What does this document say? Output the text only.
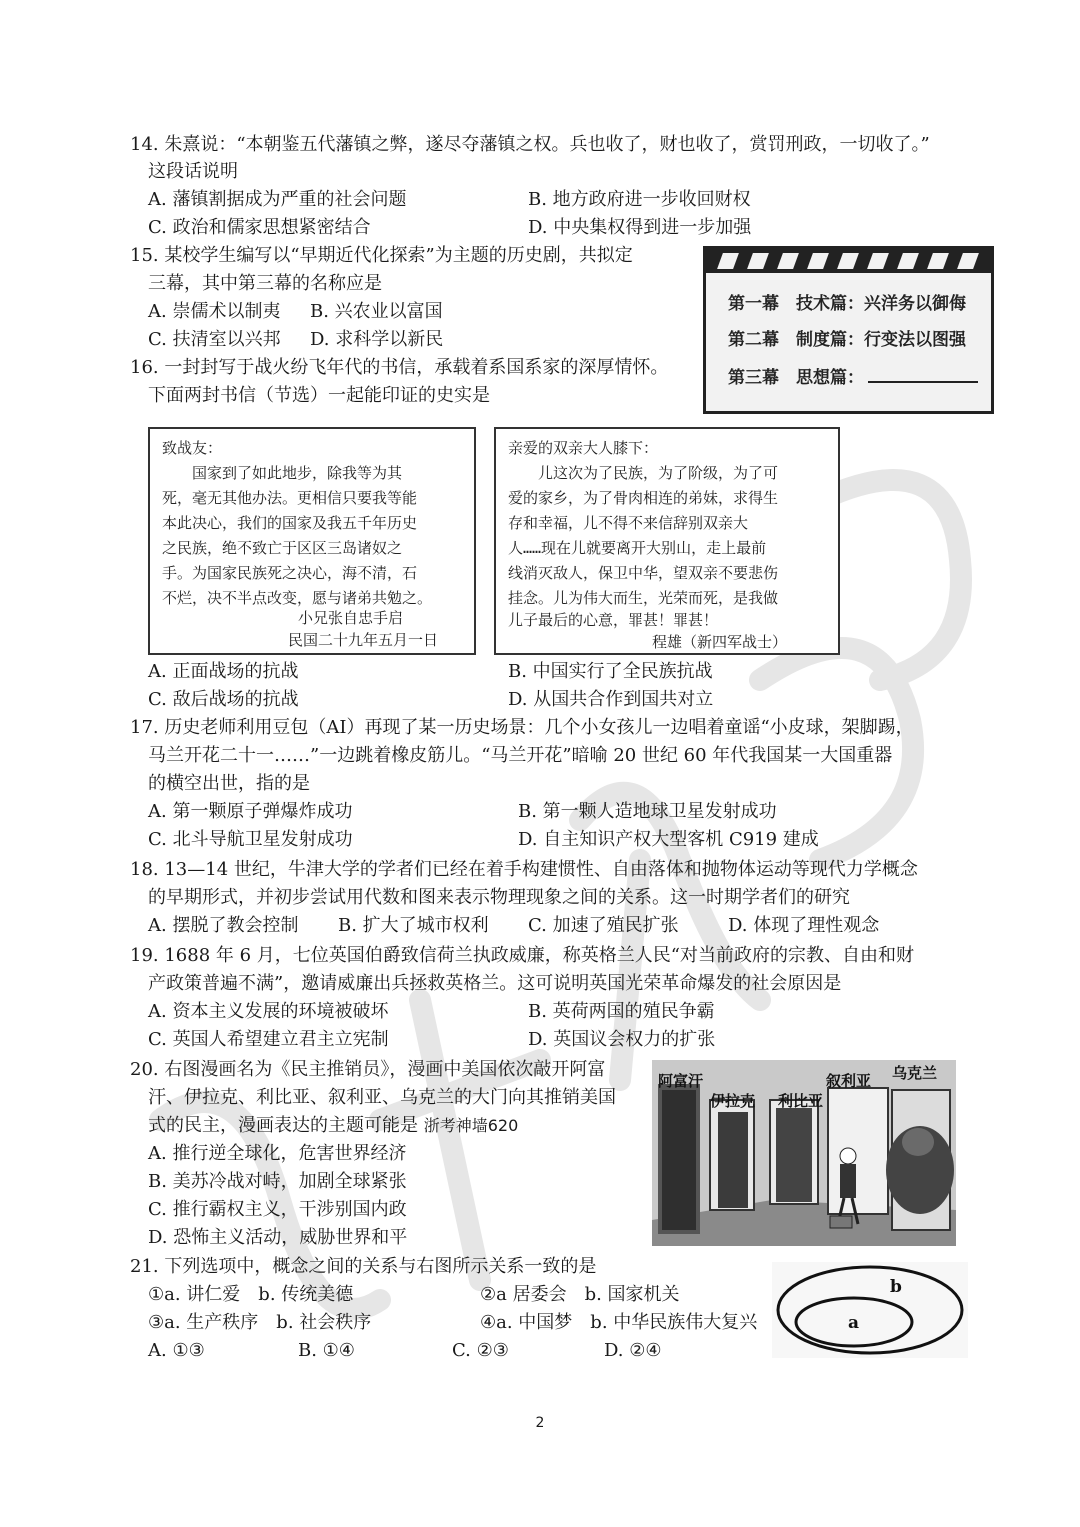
14. 朱熹说：“本朝鉴五代藩镇之弊，遂尽夺藩镇之权。兵也收了，财也收了，赏罚刑政，一切收了。”
这段话说明
A. 藩镇割据成为严重的社会问题	B. 地方政府进一步收回财权
C. 政治和儒家思想紧密结合	D. 中央集权得到进一步加强
15. 某校学生编写以“早期近代化探索”为主题的历史剧，共拟定
三幕，其中第三幕的名称应是
A. 崇儒术以制夷 B. 兴农业以富国
C. 扶清室以兴邦 D. 求科学以新民
第一幕　技术篇：兴洋务以御侮
第二幕　制度篇：行变法以图强
第三幕　思想篇：
16. 一封封写于战火纷飞年代的书信，承载着系国系家的深厚情怀。
下面两封书信（节选）一起能印证的史实是
致战友：
　　国家到了如此地步，除我等为其
死，毫无其他办法。更相信只要我等能
本此决心，我们的国家及我五千年历史
之民族，绝不致亡于区区三岛诸奴之
手。为国家民族死之决心，海不清，石
不烂，决不半点改变，愿与诸弟共勉之。
小兄张自忠手启
民国二十九年五月一日
亲爱的双亲大人膝下：
　　儿这次为了民族，为了阶级，为了可
爱的家乡，为了骨肉相连的弟妹，求得生
存和幸福，儿不得不来信辞别双亲大
人……现在儿就要离开大别山，走上最前
线消灭敌人，保卫中华，望双亲不要悲伤
挂念。儿为伟大而生，光荣而死，是我做
儿子最后的心意，罪甚！罪甚！
程雄（新四军战士）
A. 正面战场的抗战	B. 中国实行了全民族抗战
C. 敌后战场的抗战	D. 从国共合作到国共对立
17. 历史老师利用豆包（AI）再现了某一历史场景：几个小女孩儿一边唱着童谣“小皮球，架脚踢，
马兰开花二十一……”一边跳着橡皮筋儿。“马兰开花”暗喻 20 世纪 60 年代我国某一大国重器
的横空出世，指的是
A. 第一颗原子弹爆炸成功	B. 第一颗人造地球卫星发射成功
C. 北斗导航卫星发射成功	D. 自主知识产权大型客机 C919 建成
18. 13—14 世纪，牛津大学的学者们已经在着手构建惯性、自由落体和抛物体运动等现代力学概念
的早期形式，并初步尝试用代数和图来表示物理现象之间的关系。这一时期学者们的研究
A. 摆脱了教会控制 B. 扩大了城市权利 C. 加速了殖民扩张	D. 体现了理性观念
19. 1688 年 6 月，七位英国伯爵致信荷兰执政威廉，称英格兰人民“对当前政府的宗教、自由和财
产政策普遍不满”，邀请威廉出兵拯救英格兰。这可说明英国光荣革命爆发的社会原因是
A. 资本主义发展的环境被破坏	B. 英荷两国的殖民争霸
C. 英国人希望建立君主立宪制	D. 英国议会权力的扩张
20. 右图漫画名为《民主推销员》，漫画中美国依次敲开阿富
汗、伊拉克、利比亚、叙利亚、乌克兰的大门向其推销美国
式的民主，漫画表达的主题可能是 浙考神墙620
A. 推行逆全球化，危害世界经济
B. 美苏冷战对峙，加剧全球紧张
C. 推行霸权主义，干涉别国内政
D. 恐怖主义活动，威胁世界和平
阿富汗
伊拉克 利比亚
叙利亚 乌克兰
21. 下列选项中，概念之间的关系与右图所示关系一致的是
①a. 讲仁爱　b. 传统美德	②a 居委会　b. 国家机关
③a. 生产秩序　b. 社会秩序	④a. 中国梦　b. 中华民族伟大复兴
A. ①③	B. ①④	C. ②③	D. ②④
b
a
2
